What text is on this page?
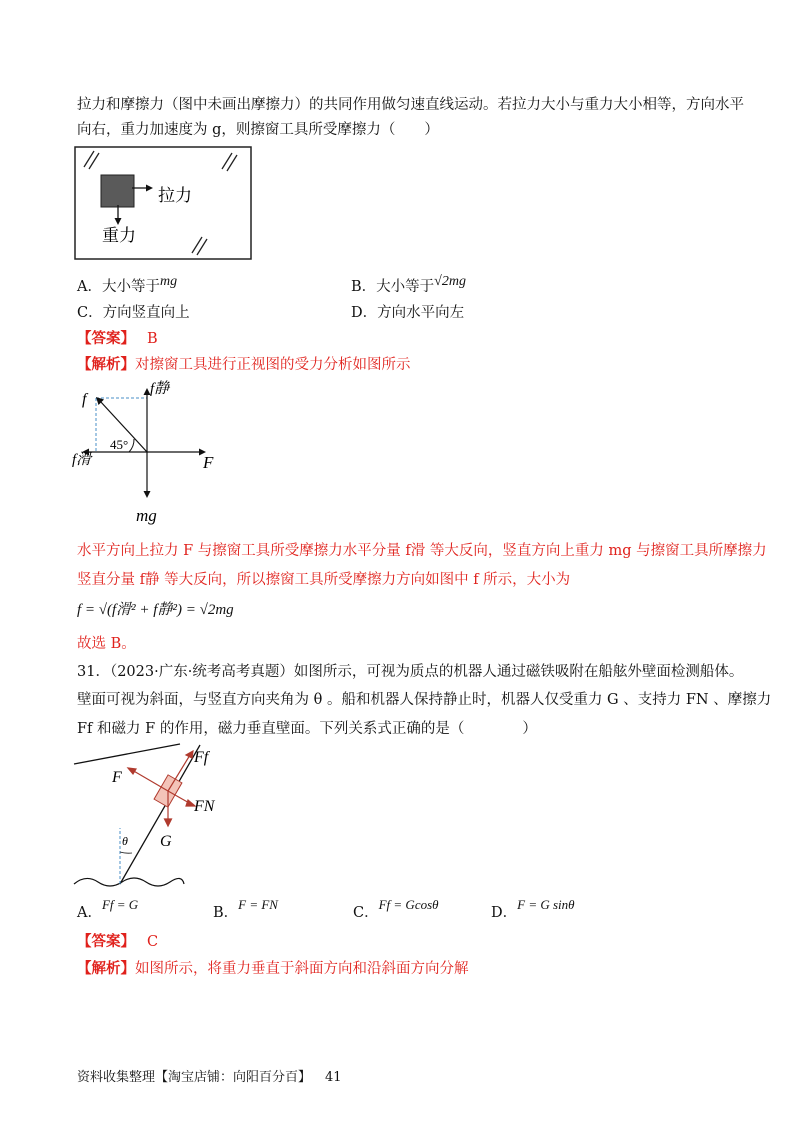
拉力和摩擦力（图中未画出摩擦力）的共同作用做匀速直线运动。若拉力大小与重力大小相等，方向水平
向右，重力加速度为 g，则擦窗工具所受摩擦力（　　）
拉力
重力
A．大小等于mg	B．大小等于√2mg
C．方向竖直向上	D．方向水平向左
【答案】 B
【解析】对擦窗工具进行正视图的受力分析如图所示
f
f静
f滑	F
mg
45°
水平方向上拉力 F 与擦窗工具所受摩擦力水平分量 f滑 等大反向，竖直方向上重力 mg 与擦窗工具所摩擦力
竖直分量 f静 等大反向，所以擦窗工具所受摩擦力方向如图中 f 所示，大小为
f = √(f滑² + f静²) = √2mg
故选 B。
31．（2023·广东·统考高考真题）如图所示，可视为质点的机器人通过磁铁吸附在船舷外壁面检测船体。
壁面可视为斜面，与竖直方向夹角为 θ 。船和机器人保持静止时，机器人仅受重力 G 、支持力 FN 、摩擦力
Ff 和磁力 F 的作用，磁力垂直壁面。下列关系式正确的是（　　　　）
Ff
F
FN
G
θ
A．Ff = G
B．F = FN
C．Ff = Gcosθ
D．F = G sinθ
【答案】 C
【解析】如图所示，将重力垂直于斜面方向和沿斜面方向分解
资料收集整理【淘宝店铺：向阳百分百】 41
